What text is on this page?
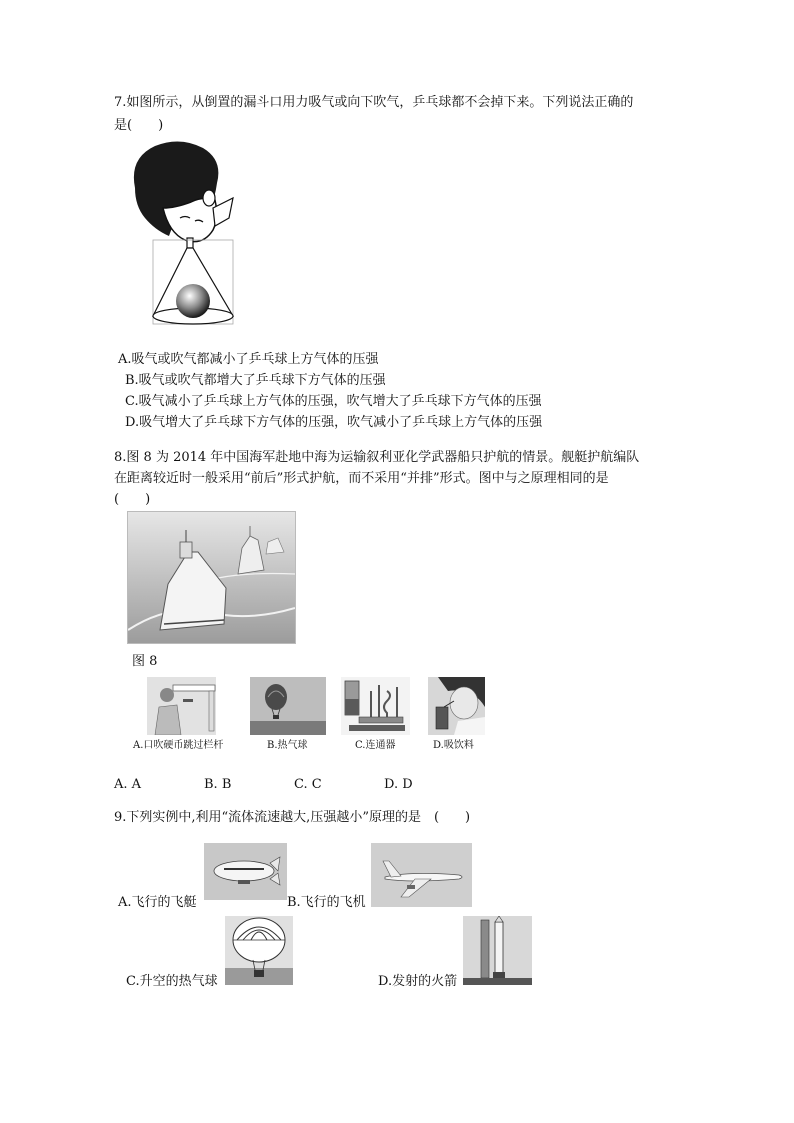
7.如图所示，从倒置的漏斗口用力吸气或向下吹气，乒乓球都不会掉下来。下列说法正确的
是(　　)
A.吸气或吹气都减小了乒乓球上方气体的压强
B.吸气或吹气都增大了乒乓球下方气体的压强
C.吸气减小了乒乓球上方气体的压强，吹气增大了乒乓球下方气体的压强
D.吸气增大了乒乓球下方气体的压强，吹气减小了乒乓球上方气体的压强
8.图 8 为 2014 年中国海军赴地中海为运输叙利亚化学武器船只护航的情景。舰艇护航编队
在距离较近时一般采用“前后”形式护航，而不采用“并排”形式。图中与之原理相同的是
(　　)
图 8
A.口吹硬币跳过栏杆	B.热气球	C.连通器	D.吸饮料
A. A	B. B	C. C	D. D
9.下列实例中,利用“流体流速越大,压强越小”原理的是　(　　)
A.飞行的飞艇	B.飞行的飞机
C.升空的热气球	D.发射的火箭
